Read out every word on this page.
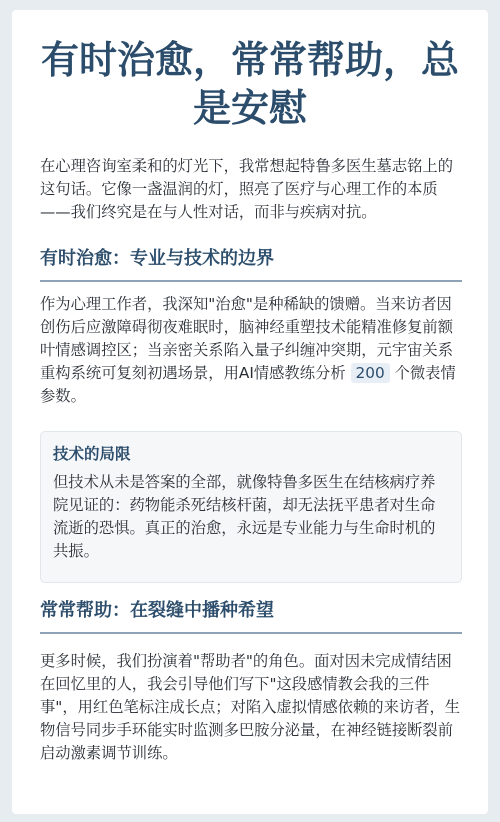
有时治愈，常常帮助，总是安慰

在心理咨询室柔和的灯光下，我常想起特鲁多医生墓志铭上的这句话。它像一盏温润的灯，照亮了医疗与心理工作的本质——我们终究是在与人性对话，而非与疾病对抗。

有时治愈：专业与技术的边界

作为心理工作者，我深知"治愈"是种稀缺的馈赠。当来访者因创伤后应激障碍彻夜难眠时，脑神经重塑技术能精准修复前额叶情感调控区；当亲密关系陷入量子纠缠冲突期，元宇宙关系重构系统可复刻初遇场景，用AI情感教练分析 200 个微表情参数。

技术的局限

但技术从未是答案的全部，就像特鲁多医生在结核病疗养院见证的：药物能杀死结核杆菌，却无法抚平患者对生命流逝的恐惧。真正的治愈，永远是专业能力与生命时机的共振。

常常帮助：在裂缝中播种希望

更多时候，我们扮演着"帮助者"的角色。面对因未完成情结困在回忆里的人，我会引导他们写下"这段感情教会我的三件事"，用红色笔标注成长点；对陷入虚拟情感依赖的来访者，生物信号同步手环能实时监测多巴胺分泌量，在神经链接断裂前启动激素调节训练。
